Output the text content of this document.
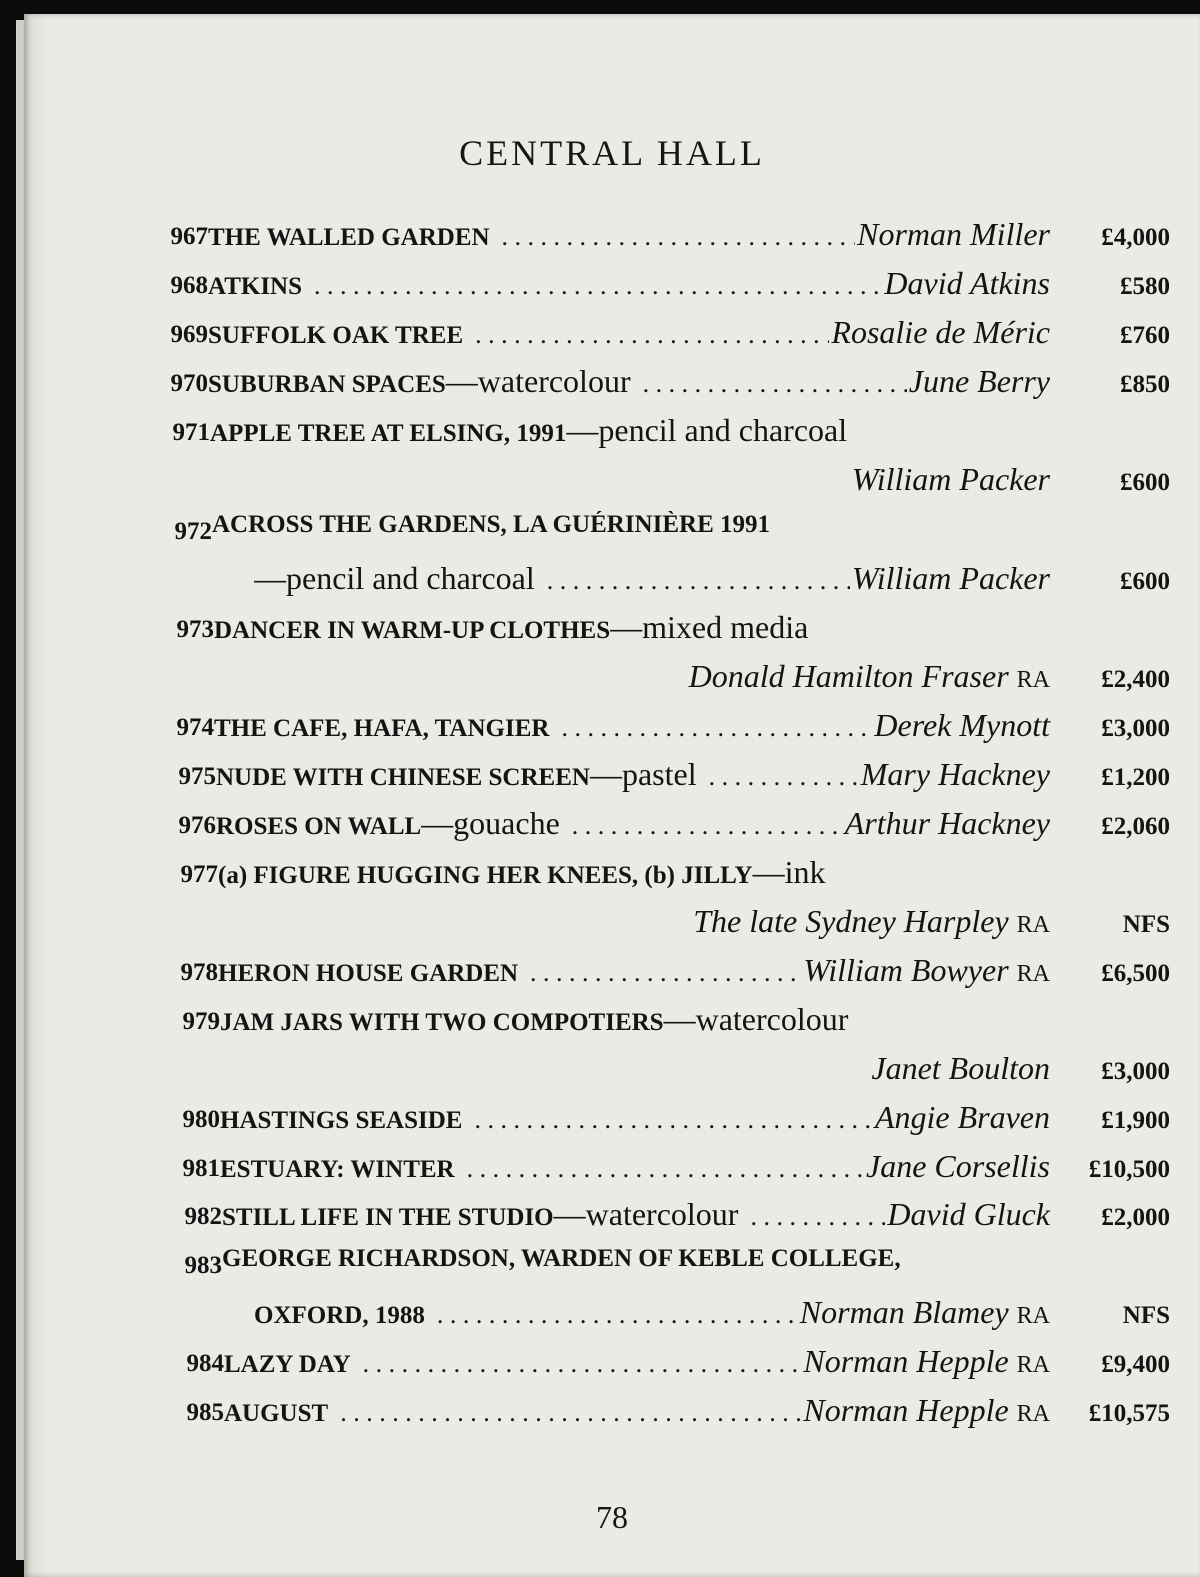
CENTRAL HALL
967 THE WALLED GARDEN . . .	Norman Miller	£4,000
968 ATKINS . . .	David Atkins	£580
969 SUFFOLK OAK TREE . . .	Rosalie de Méric	£760
970 SUBURBAN SPACES —watercolour . . .	June Berry	£850
971 APPLE TREE AT ELSING, 1991 —pencil and charcoal
William Packer	£600
972 ACROSS THE GARDENS, LA GUÉRINIÈRE 1991
—pencil and charcoal . . .	William Packer	£600
973 DANCER IN WARM-UP CLOTHES —mixed media
Donald Hamilton Fraser RA	£2,400
974 THE CAFE, HAFA, TANGIER . . .	Derek Mynott	£3,000
975 NUDE WITH CHINESE SCREEN —pastel . . .	Mary Hackney	£1,200
976 ROSES ON WALL —gouache . . .	Arthur Hackney	£2,060
977 (a) FIGURE HUGGING HER KNEES, (b) JILLY —ink
The late Sydney Harpley RA	NFS
978 HERON HOUSE GARDEN . . .	William Bowyer RA	£6,500
979 JAM JARS WITH TWO COMPOTIERS —watercolour
Janet Boulton	£3,000
980 HASTINGS SEASIDE . . .	Angie Braven	£1,900
981 ESTUARY: WINTER . . .	Jane Corsellis	£10,500
982 STILL LIFE IN THE STUDIO —watercolour . . .	David Gluck	£2,000
983 GEORGE RICHARDSON, WARDEN OF KEBLE COLLEGE,
OXFORD, 1988 . . .	Norman Blamey RA	NFS
984 LAZY DAY . . .	Norman Hepple RA	£9,400
985 AUGUST . . .	Norman Hepple RA	£10,575
78
